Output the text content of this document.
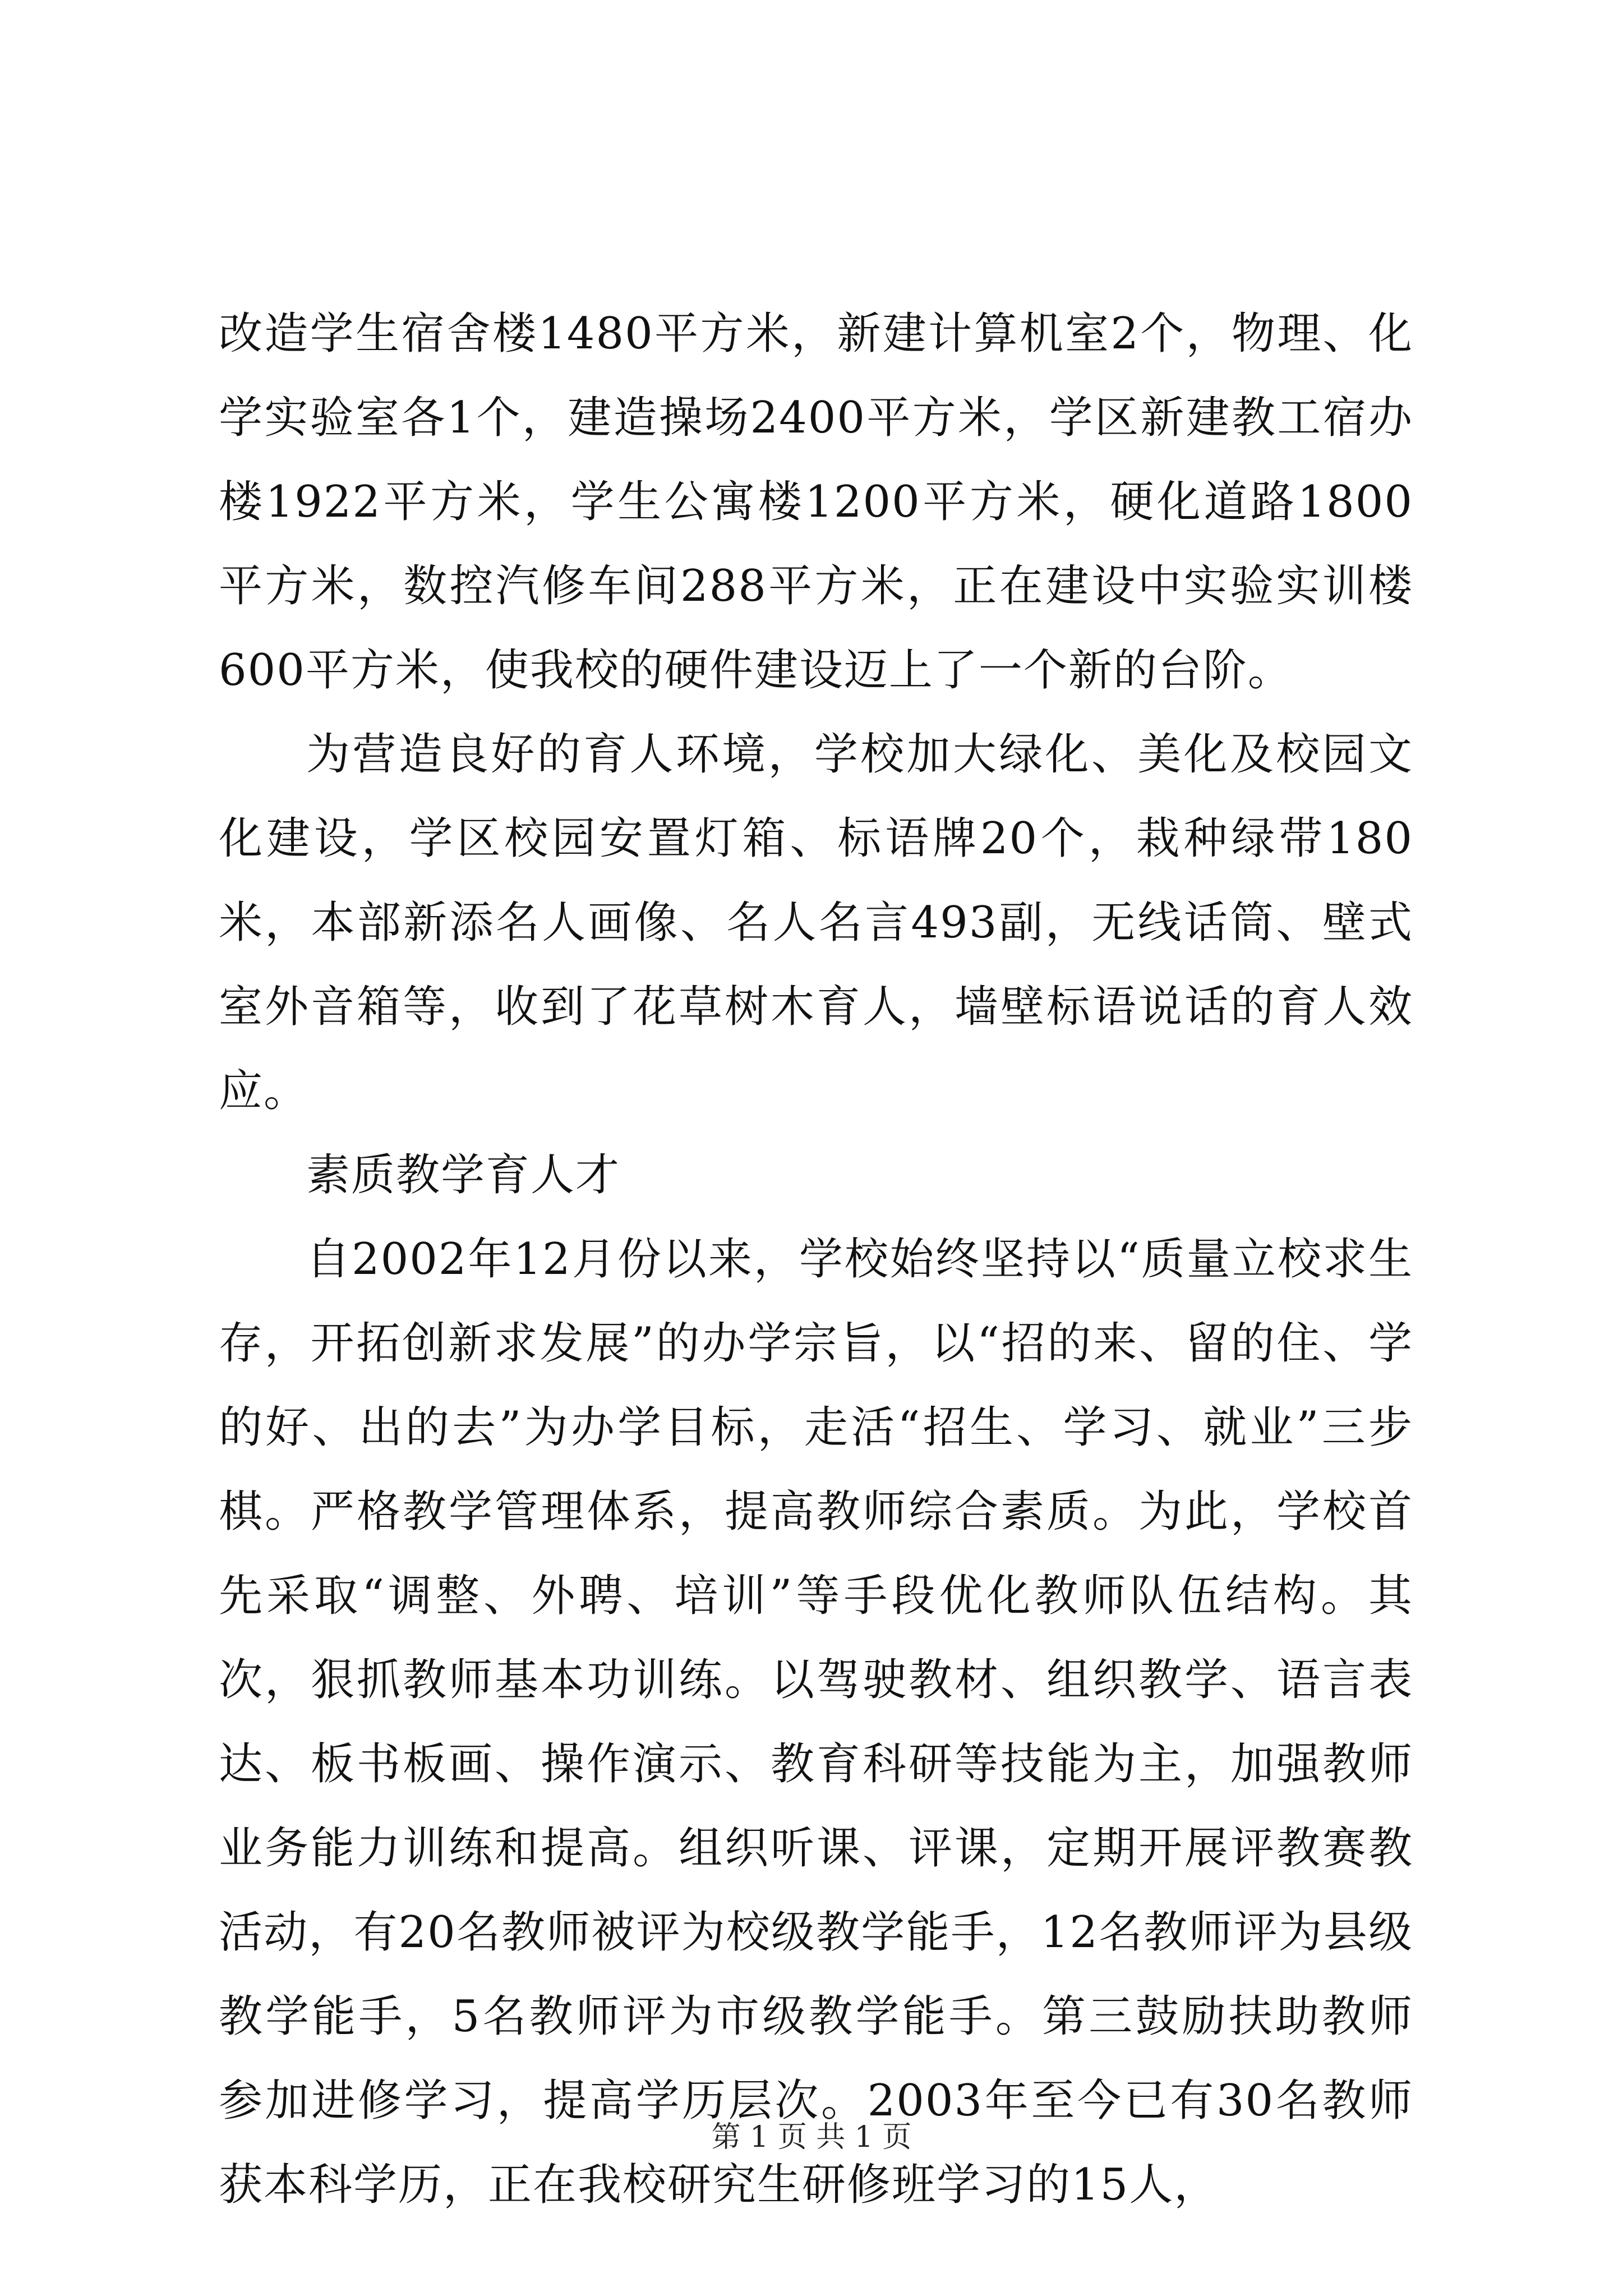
改造学生宿舍楼1480平方米，新建计算机室2个，物理、化学实验室各1个，建造操场2400平方米，学区新建教工宿办楼1922平方米，学生公寓楼1200平方米，硬化道路1800平方米，数控汽修车间288平方米，正在建设中实验实训楼600平方米，使我校的硬件建设迈上了一个新的台阶。

为营造良好的育人环境，学校加大绿化、美化及校园文化建设，学区校园安置灯箱、标语牌20个，栽种绿带180米，本部新添名人画像、名人名言493副，无线话筒、壁式室外音箱等，收到了花草树木育人，墙壁标语说话的育人效应。

素质教学育人才

自2002年12月份以来，学校始终坚持以“质量立校求生存，开拓创新求发展”的办学宗旨，以“招的来、留的住、学的好、出的去”为办学目标，走活“招生、学习、就业”三步棋。严格教学管理体系，提高教师综合素质。为此，学校首先采取“调整、外聘、培训”等手段优化教师队伍结构。其次，狠抓教师基本功训练。以驾驶教材、组织教学、语言表达、板书板画、操作演示、教育科研等技能为主，加强教师业务能力训练和提高。组织听课、评课，定期开展评教赛教活动，有20名教师被评为校级教学能手，12名教师评为县级教学能手，5名教师评为市级教学能手。第三鼓励扶助教师参加进修学习，提高学历层次。2003年至今已有30名教师获本科学历，正在我校研究生研修班学习的15人，

第 1 页 共 1 页
